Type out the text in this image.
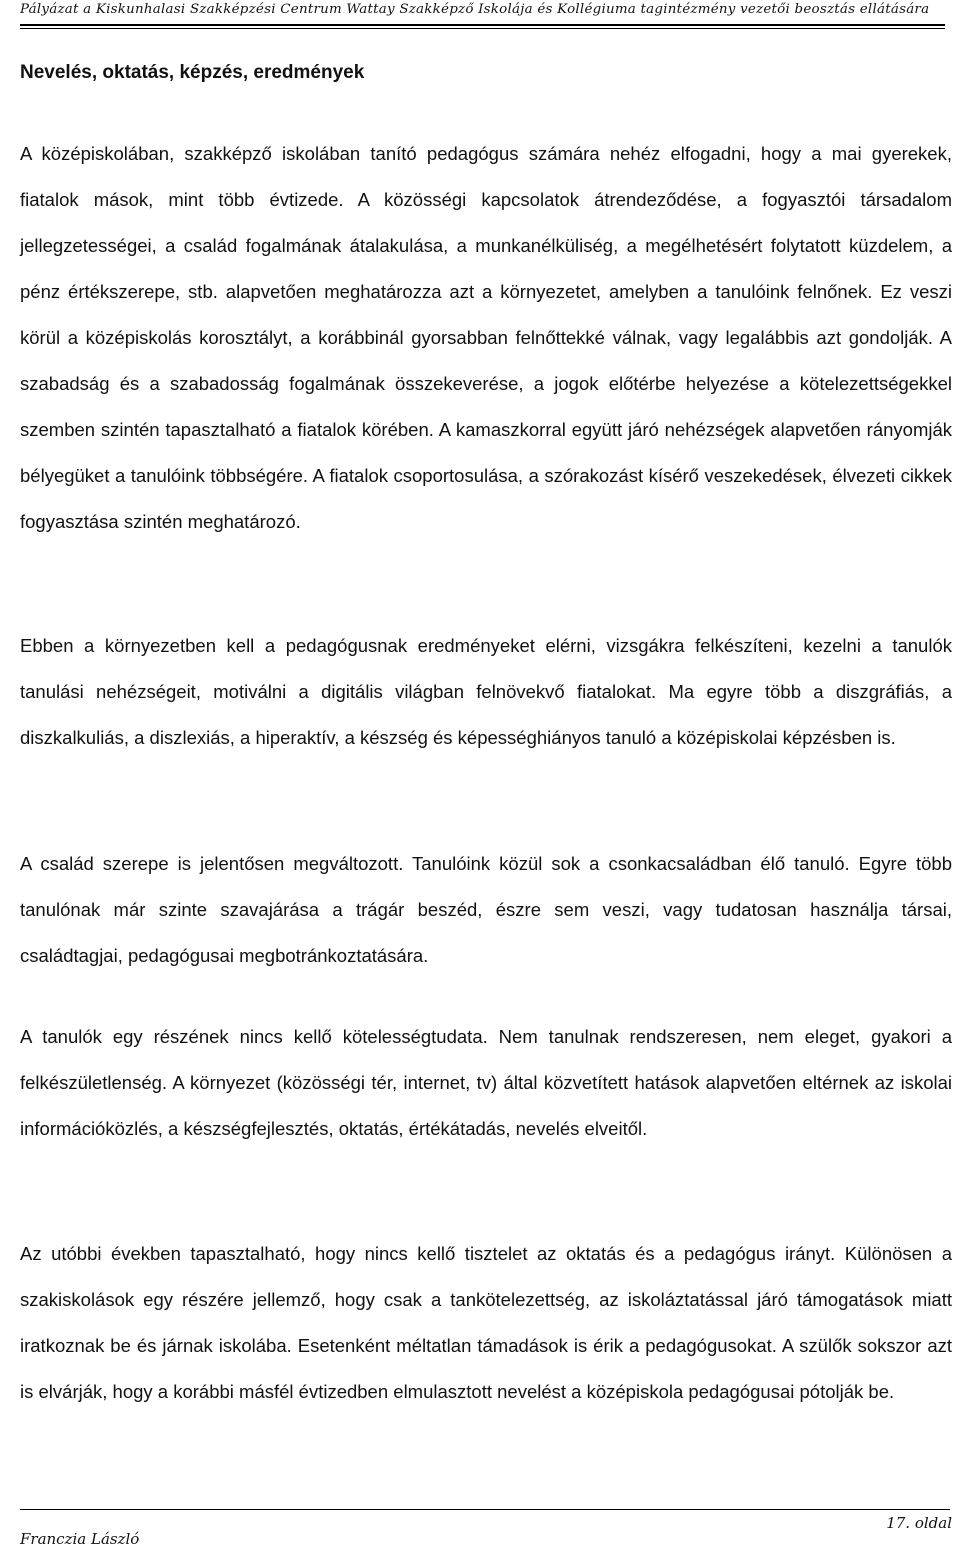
Pályázat a Kiskunhalasi Szakképzési Centrum Wattay Szakképző Iskolája és Kollégiuma tagintézmény vezetői beosztás ellátására
Nevelés, oktatás, képzés, eredmények

A középiskolában, szakképző iskolában tanító pedagógus számára nehéz elfogadni, hogy a mai gyerekek, fiatalok mások, mint több évtizede. A közösségi kapcsolatok átrendeződése, a fogyasztói társadalom jellegzetességei, a család fogalmának átalakulása, a munkanélküliség, a megélhetésért folytatott küzdelem, a pénz értékszerepe, stb. alapvetően meghatározza azt a környezetet, amelyben a tanulóink felnőnek. Ez veszi körül a középiskolás korosztályt, a korábbinál gyorsabban felnőttekké válnak, vagy legalábbis azt gondolják. A szabadság és a szabadosság fogalmának összekeverése, a jogok előtérbe helyezése a kötelezettségekkel szemben szintén tapasztalható a fiatalok körében. A kamaszkorral együtt járó nehézségek alapvetően rányomják bélyegüket a tanulóink többségére. A fiatalok csoportosulása, a szórakozást kísérő veszekedések, élvezeti cikkek fogyasztása szintén meghatározó.

Ebben a környezetben kell a pedagógusnak eredményeket elérni, vizsgákra felkészíteni, kezelni a tanulók tanulási nehézségeit, motiválni a digitális világban felnövekvő fiatalokat. Ma egyre több a diszgráfiás, a diszkalkuliás, a diszlexiás, a hiperaktív, a készség és képességhiányos tanuló a középiskolai képzésben is.

A család szerepe is jelentősen megváltozott. Tanulóink közül sok a csonkacsaládban élő tanuló. Egyre több tanulónak már szinte szavajárása a trágár beszéd, észre sem veszi, vagy tudatosan használja társai, családtagjai, pedagógusai megbotránkoztatására.

A tanulók egy részének nincs kellő kötelességtudata. Nem tanulnak rendszeresen, nem eleget, gyakori a felkészületlenség. A környezet (közösségi tér, internet, tv) által közvetített hatások alapvetően eltérnek az iskolai információközlés, a készségfejlesztés, oktatás, értékátadás, nevelés elveitől.

Az utóbbi években tapasztalható, hogy nincs kellő tisztelet az oktatás és a pedagógus irányt. Különösen a szakiskolások egy részére jellemző, hogy csak a tankötelezettség, az iskoláztatással járó támogatások miatt iratkoznak be és járnak iskolába. Esetenként méltatlan támadások is érik a pedagógusokat. A szülők sokszor azt is elvárják, hogy a korábbi másfél évtizedben elmulasztott nevelést a középiskola pedagógusai pótolják be.

17. oldal
Franczia László
